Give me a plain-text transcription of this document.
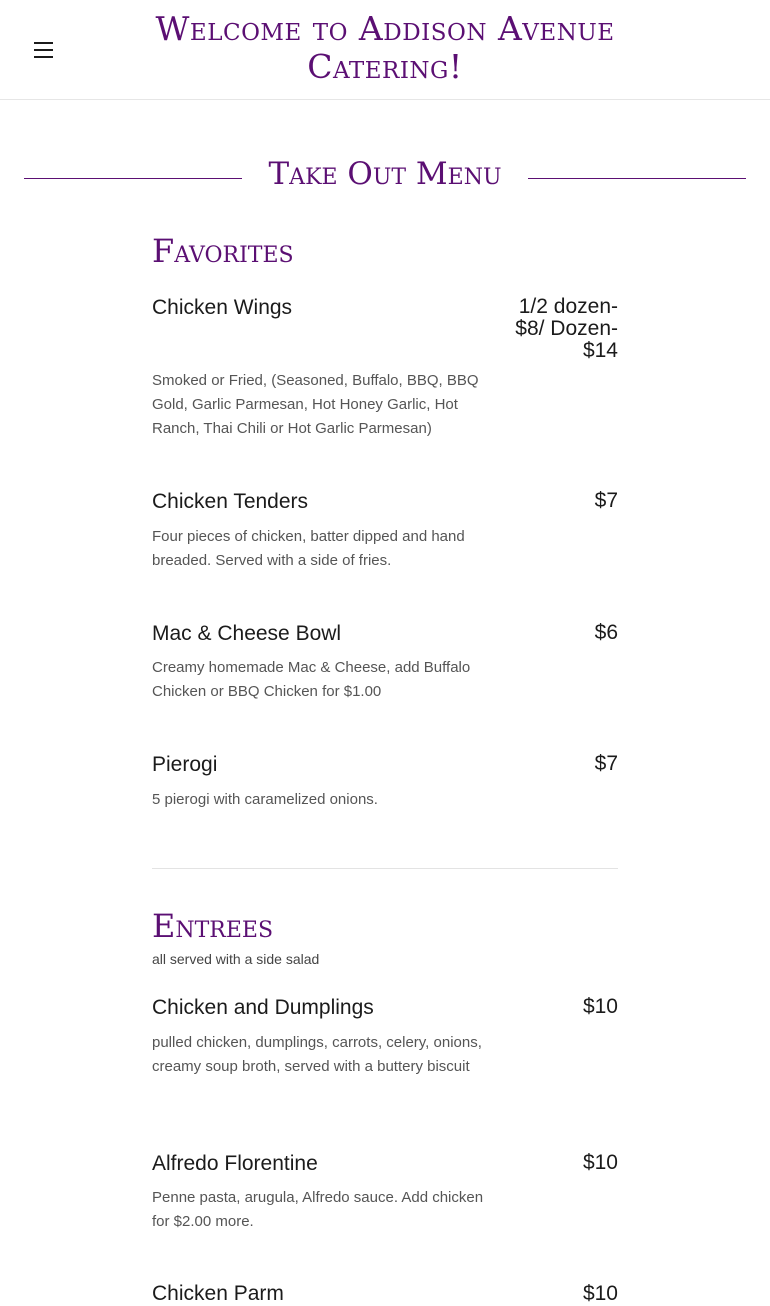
Welcome to Addison Avenue
Catering!
Take Out Menu
Favorites
Chicken Wings	1/2 dozen-
$8/ Dozen-
$14
Smoked or Fried, (Seasoned, Buffalo, BBQ, BBQ Gold, Garlic Parmesan, Hot Honey Garlic, Hot Ranch, Thai Chili or Hot Garlic Parmesan)
Chicken Tenders	$7
Four pieces of chicken, batter dipped and hand breaded. Served with a side of fries.
Mac & Cheese Bowl	$6
Creamy homemade Mac & Cheese, add Buffalo Chicken or BBQ Chicken for $1.00
Pierogi	$7
5 pierogi with caramelized onions.
Entrees
all served with a side salad
Chicken and Dumplings	$10
pulled chicken, dumplings, carrots, celery, onions, creamy soup broth, served with a buttery biscuit
Alfredo Florentine	$10
Penne pasta, arugula, Alfredo sauce. Add chicken for $2.00 more.
Chicken Parm	$10
